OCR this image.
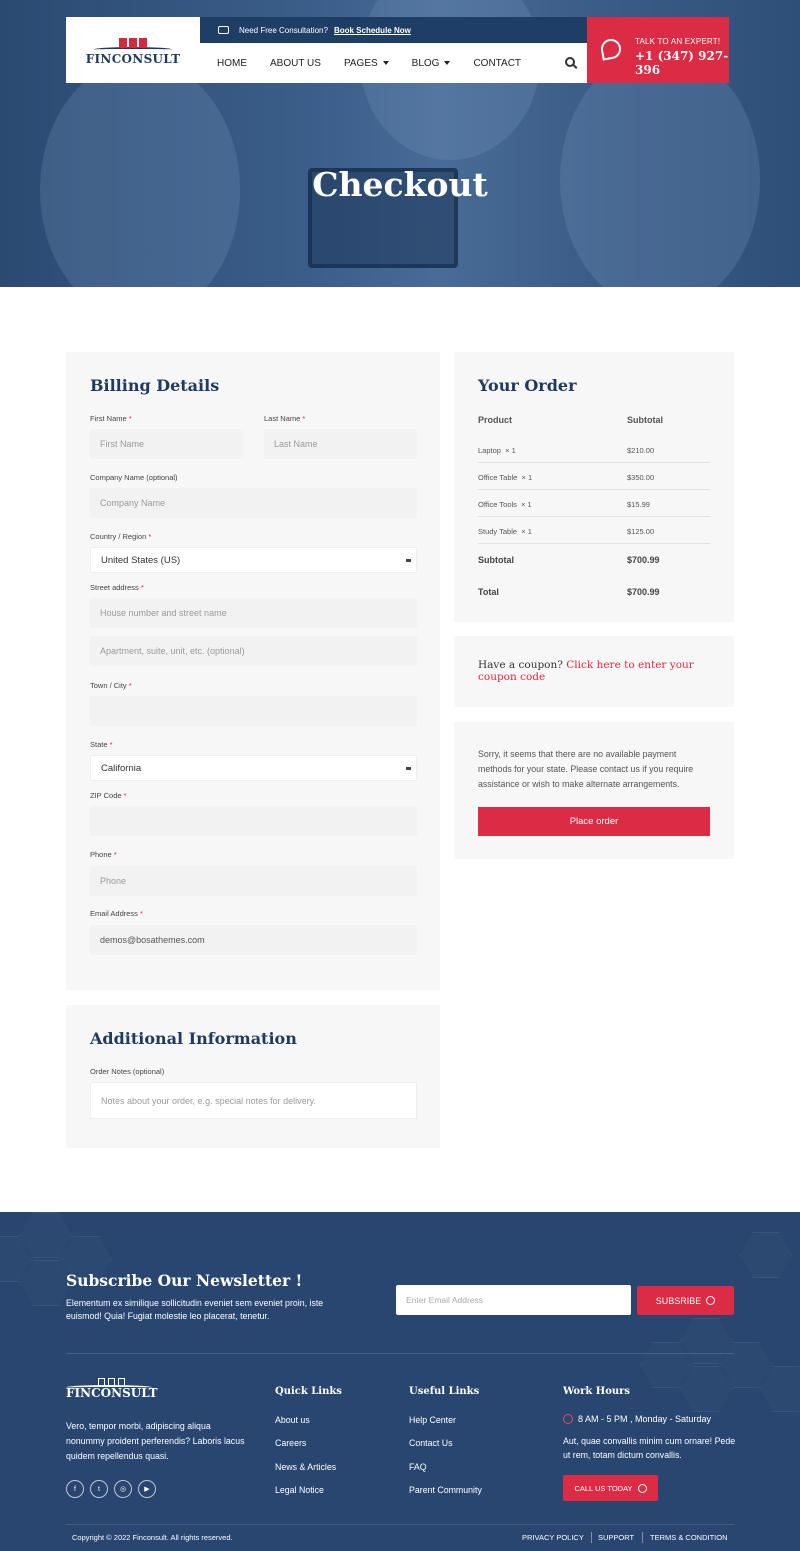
Checkout
FINCONSULT
Need Free Consultation? Book Schedule Now
HOME ABOUT US PAGES	BLOG	CONTACT
TALK TO AN EXPERT!
+1 (347) 927-396
Billing Details
First Name *
First Name
Last Name *
Last Name
Company Name (optional)
Company Name
Country / Region *
United States (US)
Street address *
House number and street name
Apartment, suite, unit, etc. (optional)
Town / City *
State *
California
ZIP Code *
Phone *
Phone
Email Address *
demos@bosathemes.com
Additional Information
Order Notes (optional)
Notes about your order, e.g. special notes for delivery.
Your Order
Product	Subtotal
Laptop × 1	$210.00
Office Table × 1	$350.00
Office Tools × 1	$15.99
Study Table × 1	$125.00
Subtotal	$700.99
Total	$700.99
Have a coupon? Click here to enter your coupon code
Sorry, it seems that there are no available payment methods for your state. Please contact us if you require assistance or wish to make alternate arrangements.
Place order
Subscribe Our Newsletter !
Elementum ex similique sollicitudin eveniet sem eveniet proin, iste euismod! Quia! Fugiat molestie leo placerat, tenetur.
Enter Email Address	SUBSRIBE
FINCONSULT
Vero, tempor morbi, adipiscing aliqua nonummy proident perferendis? Laboris lacus quidem repellendus quasi.
f	t	◎	▶
Quick Links
About us
Careers
News & Articles
Legal Notice
Useful Links
Help Center
Contact Us
FAQ
Parent Community
Work Hours
8 AM - 5 PM , Monday - Saturday
Aut, quae convallis minim cum ornare! Pede ut rem, totam dictum convallis.
CALL US TODAY
Copyright © 2022 Finconsult. All rights reserved.	PRIVACY POLICY SUPPORT TERMS & CONDITION
